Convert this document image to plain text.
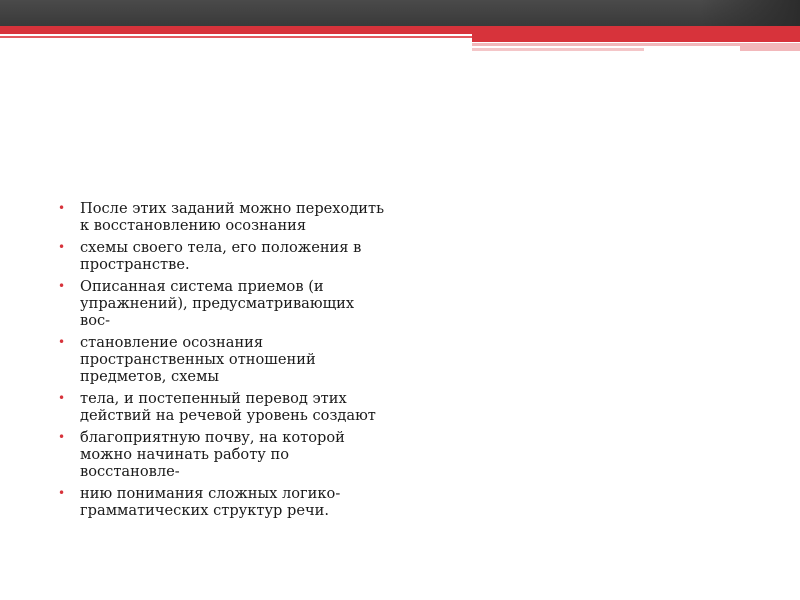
• После этих заданий можно переходить к восстановлению осознания
• схемы своего тела, его положения в пространстве.
• Описанная система приемов (и упражнений), предусматривающих вос-
• становление осознания пространственных отношений предметов, схемы
• тела, и постепенный перевод этих действий на речевой уровень создают
• благоприятную почву, на которой можно начинать работу по восстановле-
• нию понимания сложных логико-грамматических структур речи.
